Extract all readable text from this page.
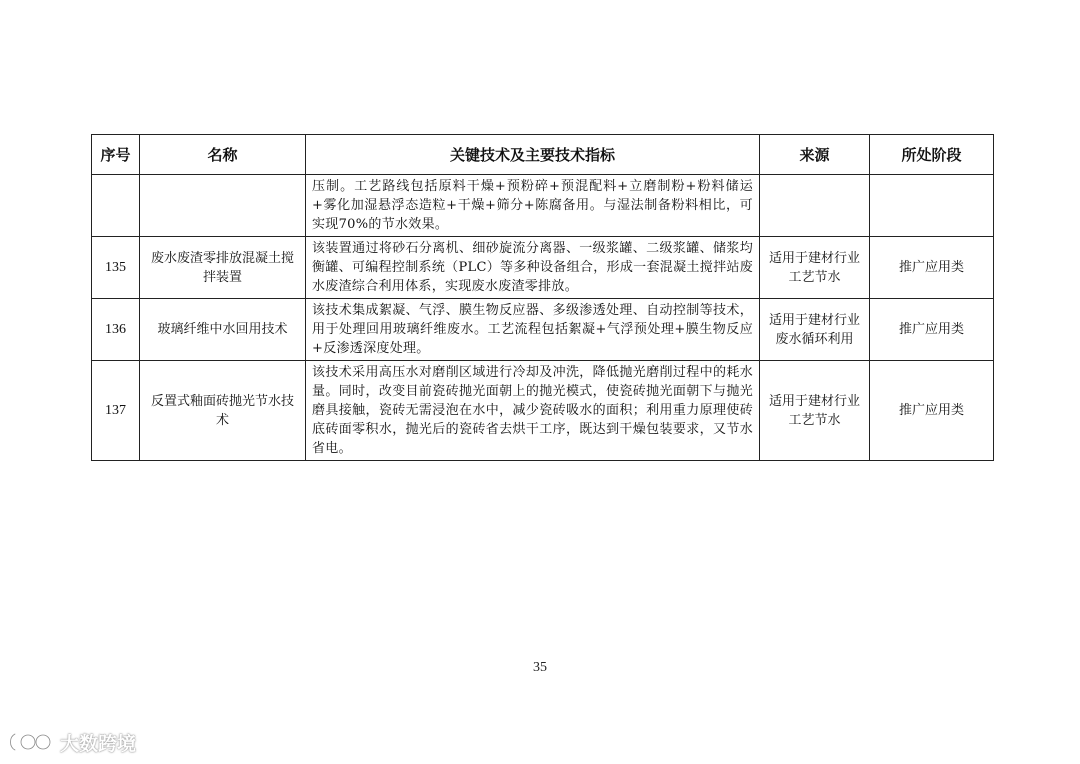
序号	名称	关键技术及主要技术指标	来源	所处阶段
		压制。工艺路线包括原料干燥+预粉碎+预混配料+立磨制粉+粉料储运+雾化加湿悬浮态造粒+干燥+筛分+陈腐备用。与湿法制备粉料相比，可实现70%的节水效果。		
135	废水废渣零排放混凝土搅拌装置	该装置通过将砂石分离机、细砂旋流分离器、一级浆罐、二级浆罐、储浆均衡罐、可编程控制系统（PLC）等多种设备组合，形成一套混凝土搅拌站废水废渣综合利用体系，实现废水废渣零排放。	适用于建材行业工艺节水	推广应用类
136	玻璃纤维中水回用技术	该技术集成絮凝、气浮、膜生物反应器、多级渗透处理、自动控制等技术，用于处理回用玻璃纤维废水。工艺流程包括絮凝+气浮预处理+膜生物反应+反渗透深度处理。	适用于建材行业废水循环利用	推广应用类
137	反置式釉面砖抛光节水技术	该技术采用高压水对磨削区域进行冷却及冲洗，降低抛光磨削过程中的耗水量。同时，改变目前瓷砖抛光面朝上的抛光模式，使瓷砖抛光面朝下与抛光磨具接触，瓷砖无需浸泡在水中，减少瓷砖吸水的面积；利用重力原理使砖底砖面零积水，抛光后的瓷砖省去烘干工序，既达到干燥包装要求，又节水省电。	适用于建材行业工艺节水	推广应用类
35
大数跨境
